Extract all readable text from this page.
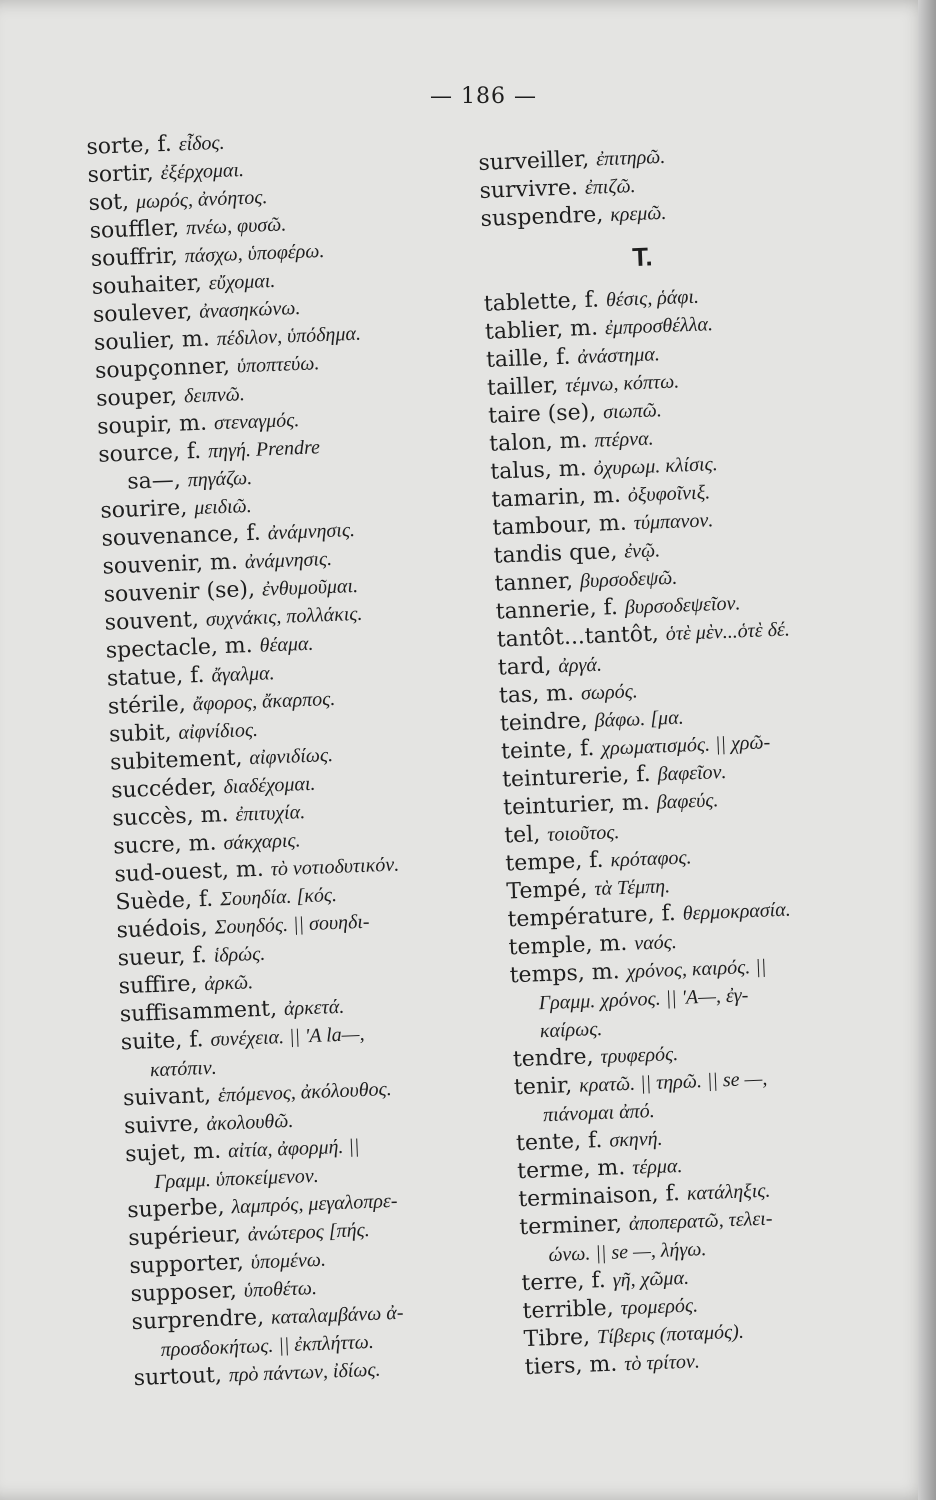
— 186 —
sorte, f. εἶδος.
sortir, ἐξέρχομαι.
sot, μωρός, ἀνόητος.
souffler, πνέω, φυσῶ.
souffrir, πάσχω, ὑποφέρω.
souhaiter, εὔχομαι.
soulever, ἀνασηκώνω.
soulier, m. πέδιλον, ὑπόδημα.
soupçonner, ὑποπτεύω.
souper, δειπνῶ.
soupir, m. στεναγμός.
source, f. πηγή. Prendre
sa—, πηγάζω.
sourire, μειδιῶ.
souvenance, f. ἀνάμνησις.
souvenir, m. ἀνάμνησις.
souvenir (se), ἐνθυμοῦμαι.
souvent, συχνάκις, πολλάκις.
spectacle, m. θέαμα.
statue, f. ἄγαλμα.
stérile, ἄφορος, ἄκαρπος.
subit, αἰφνίδιος.
subitement, αἰφνιδίως.
succéder, διαδέχομαι.
succès, m. ἐπιτυχία.
sucre, m. σάκχαρις.
sud-ouest, m. τὸ νοτιοδυτικόν.
Suède, f. Σουηδία. [κός.
suédois, Σουηδός. || σουηδι-
sueur, f. ἱδρώς.
suffire, ἀρκῶ.
suffisamment, ἀρκετά.
suite, f. συνέχεια. || 'A la—,
κατόπιν.
suivant, ἑπόμενος, ἀκόλουθος.
suivre, ἀκολουθῶ.
sujet, m. αἰτία, ἀφορμή. ||
Γραμμ. ὑποκείμενον.
superbe, λαμπρός, μεγαλοπρε-
supérieur, ἀνώτερος [πής.
supporter, ὑπομένω.
supposer, ὑποθέτω.
surprendre, καταλαμβάνω ἀ-
προσδοκήτως. || ἐκπλήττω.
surtout, πρὸ πάντων, ἰδίως.
surveiller, ἐπιτηρῶ.
survivre. ἐπιζῶ.
suspendre, κρεμῶ.
T.
tablette, f. θέσις, ῥάφι.
tablier, m. ἐμπροσθέλλα.
taille, f. ἀνάστημα.
tailler, τέμνω, κόπτω.
taire (se), σιωπῶ.
talon, m. πτέρνα.
talus, m. ὀχυρωμ. κλίσις.
tamarin, m. ὀξυφοῖνιξ.
tambour, m. τύμπανον.
tandis que, ἐνῷ.
tanner, βυρσοδεψῶ.
tannerie, f. βυρσοδεψεῖον.
tantôt...tantôt, ὁτὲ μὲν...ὁτὲ δέ.
tard, ἀργά.
tas, m. σωρός.
teindre, βάφω. [μα.
teinte, f. χρωματισμός. || χρῶ-
teinturerie, f. βαφεῖον.
teinturier, m. βαφεύς.
tel, τοιοῦτος.
tempe, f. κρόταφος.
Tempé, τὰ Τέμπη.
température, f. θερμοκρασία.
temple, m. ναός.
temps, m. χρόνος, καιρός. ||
Γραμμ. χρόνος. || 'A—, ἐγ-
καίρως.
tendre, τρυφερός.
tenir, κρατῶ. || τηρῶ. || se —,
πιάνομαι ἀπό.
tente, f. σκηνή.
terme, m. τέρμα.
terminaison, f. κατάληξις.
terminer, ἀποπερατῶ, τελει-
ώνω. || se —, λήγω.
terre, f. γῆ, χῶμα.
terrible, τρομερός.
Tibre, Τίβερις (ποταμός).
tiers, m. τὸ τρίτον.
